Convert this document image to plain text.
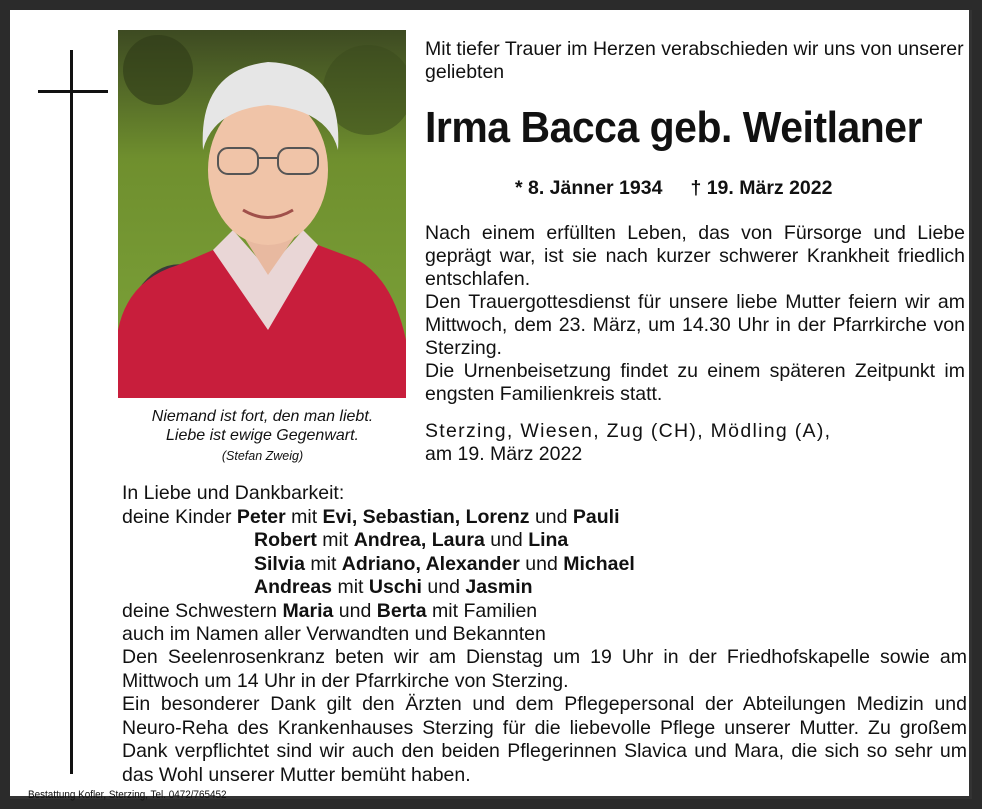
Niemand ist fort, den man liebt.
Liebe ist ewige Gegenwart.
(Stefan Zweig)
Mit tiefer Trauer im Herzen verabschieden wir uns von unserer geliebten
Irma Bacca geb. Weitlaner
* 8. Jänner 1934 † 19. März 2022
Nach einem erfüllten Leben, das von Fürsorge und Liebe geprägt war, ist sie nach kurzer schwerer Krankheit friedlich entschlafen.
Den Trauergottesdienst für unsere liebe Mutter feiern wir am Mittwoch, dem 23. März, um 14.30 Uhr in der Pfarrkirche von Sterzing.
Die Urnenbeisetzung findet zu einem späteren Zeitpunkt im engsten Familienkreis statt.
Sterzing, Wiesen, Zug (CH), Mödling (A),
am 19. März 2022
In Liebe und Dankbarkeit:
deine Kinder Peter mit Evi, Sebastian, Lorenz und Pauli
Robert mit Andrea, Laura und Lina
Silvia mit Adriano, Alexander und Michael
Andreas mit Uschi und Jasmin
deine Schwestern Maria und Berta mit Familien
auch im Namen aller Verwandten und Bekannten

Den Seelenrosenkranz beten wir am Dienstag um 19 Uhr in der Friedhofskapelle sowie am Mittwoch um 14 Uhr in der Pfarrkirche von Sterzing.

Ein besonderer Dank gilt den Ärzten und dem Pflegepersonal der Abteilungen Medizin und Neuro-Reha des Krankenhauses Sterzing für die liebevolle Pflege unserer Mutter. Zu großem Dank verpflichtet sind wir auch den beiden Pflegerinnen Slavica und Mara, die sich so sehr um das Wohl unserer Mutter bemüht haben.

Bestattung Kofler, Sterzing, Tel. 0472/765452
